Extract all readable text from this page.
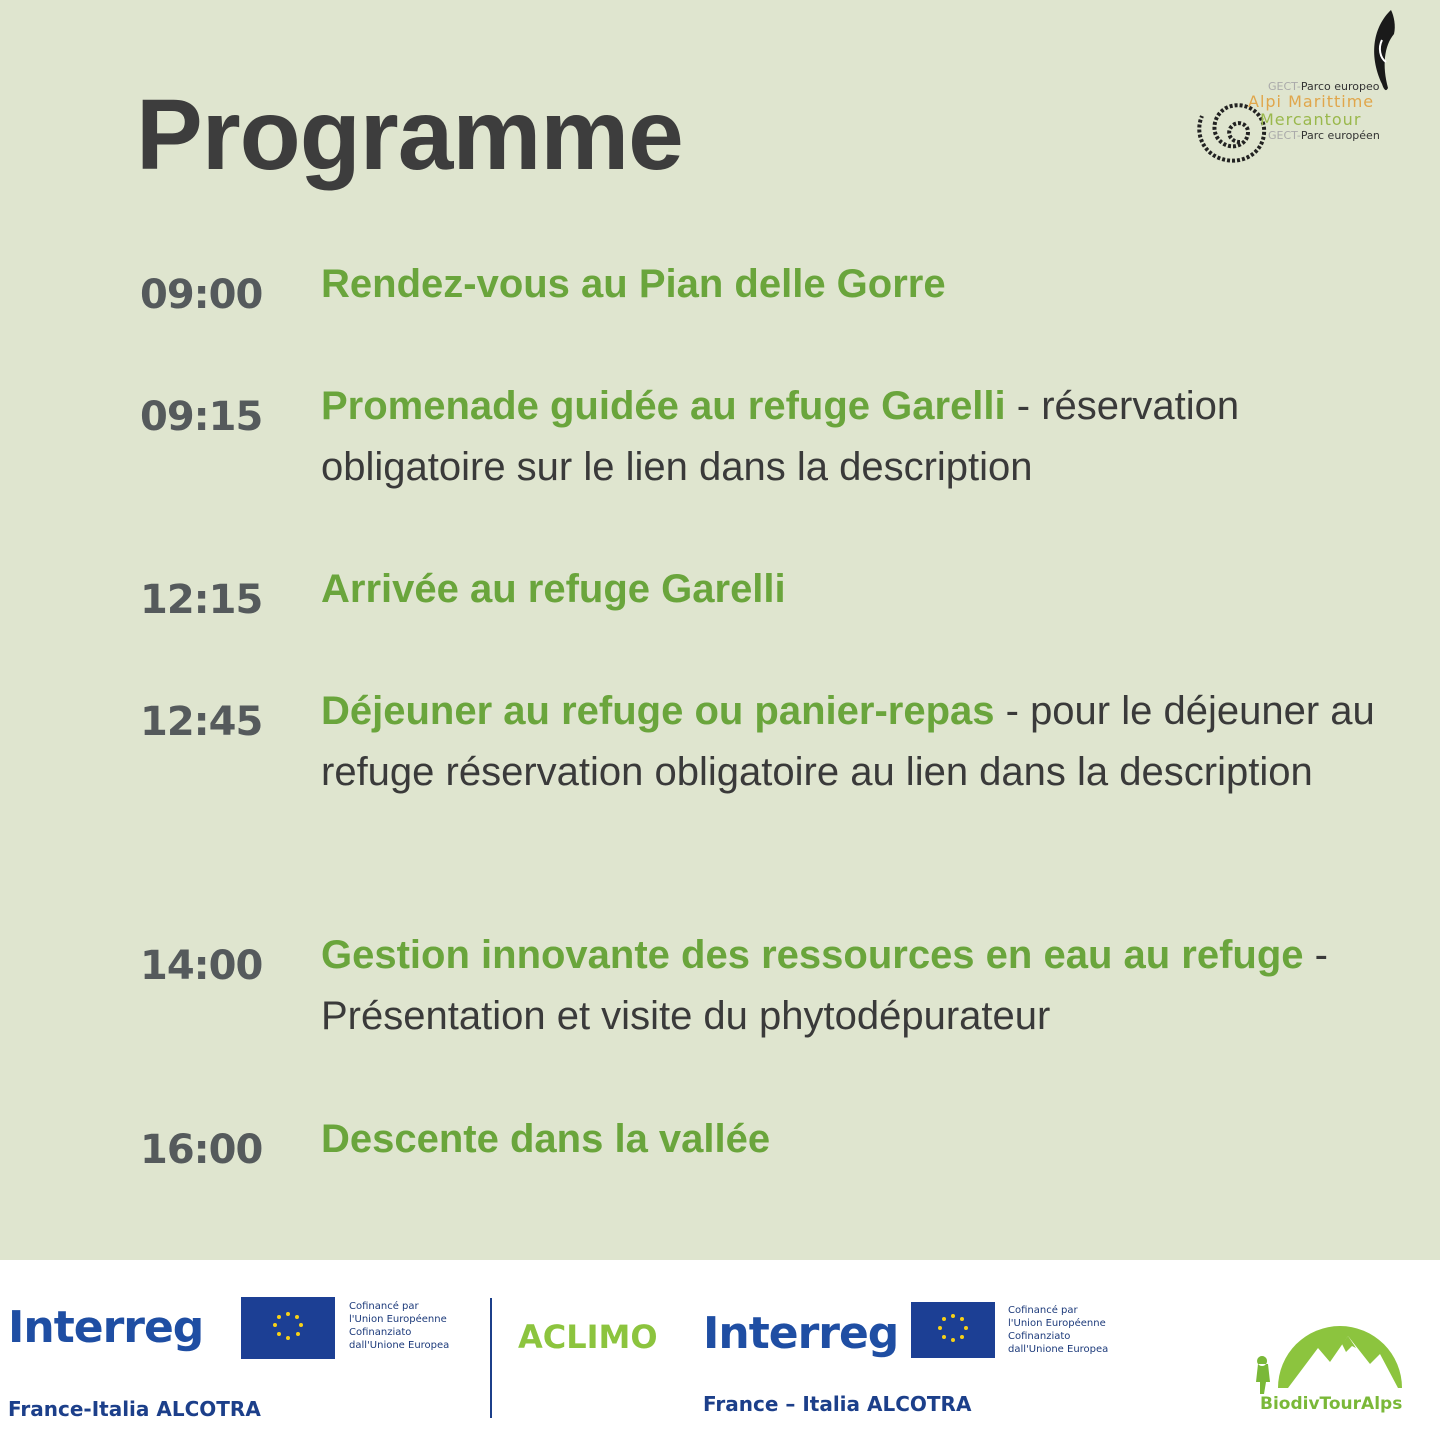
Programme	GECT-Parco europeo
Alpi Marittime
Mercantour
GECT-Parc européen
09:00 Rendez-vous au Pian delle Gorre
09:15 Promenade guidée au refuge Garelli - réservation obligatoire sur le lien dans la description
12:15 Arrivée au refuge Garelli
12:45 Déjeuner au refuge ou panier-repas - pour le déjeuner au refuge réservation obligatoire au lien dans la description
14:00 Gestion innovante des ressources en eau au refuge - Présentation et visite du phytodépurateur
16:00 Descente dans la vallée
Interreg	Cofinancé par
l'Union Européenne
Cofinanziato
dall'Unione Europea
France-Italia ALCOTRA
ACLIMO Interreg	Cofinancé par
l'Union Européenne
Cofinanziato
dall'Unione Europea
France – Italia ALCOTRA	BiodivTourAlps
